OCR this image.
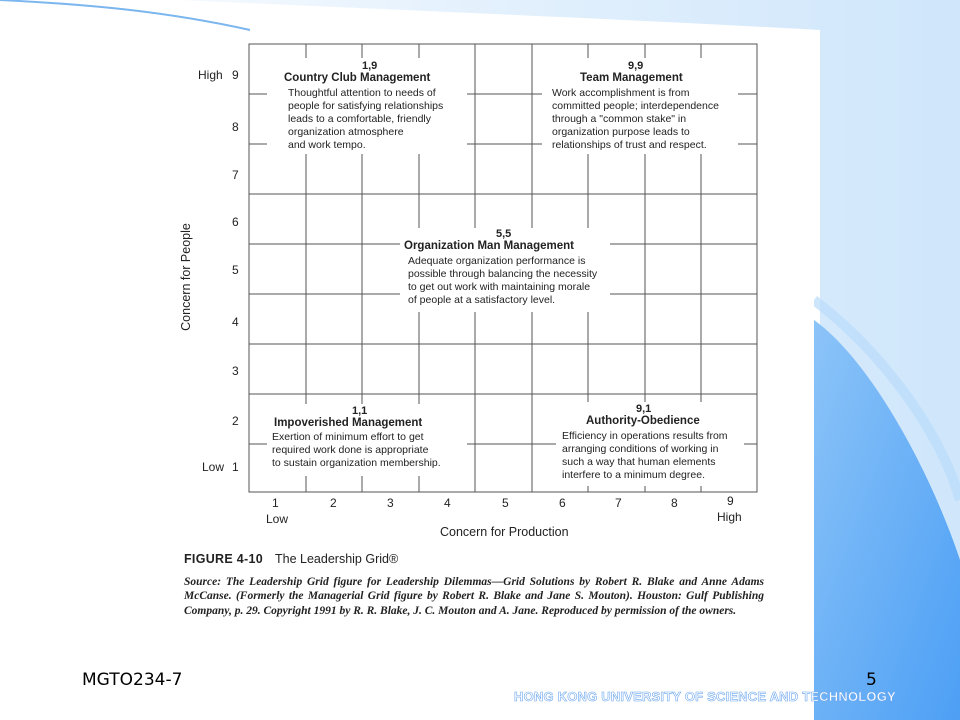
High 9
8
7
6
5
4
3
2
Low 1
Concern for People
1
Low
2	3	4	5	6	7	8	9
High
Concern for Production
1,9
Country Club Management
Thoughtful attention to needs of
people for satisfying relationships
leads to a comfortable, friendly
organization atmosphere
and work tempo.
9,9
Team Management
Work accomplishment is from
committed people; interdependence
through a "common stake" in
organization purpose leads to
relationships of trust and respect.
5,5
Organization Man Management
Adequate organization performance is
possible through balancing the necessity
to get out work with maintaining morale
of people at a satisfactory level.
1,1
Impoverished Management
Exertion of minimum effort to get
required work done is appropriate
to sustain organization membership.
9,1
Authority-Obedience
Efficiency in operations results from
arranging conditions of working in
such a way that human elements
interfere to a minimum degree.
FIGURE 4-10 The Leadership Grid®
Source: The Leadership Grid figure for Leadership Dilemmas—Grid Solutions by Robert R. Blake and Anne Adams McCanse. (Formerly the Managerial Grid figure by Robert R. Blake and Jane S. Mouton). Houston: Gulf Publishing Company, p. 29. Copyright 1991 by R. R. Blake, J. C. Mouton and A. Jane. Reproduced by permission of the owners.
MGTO234-7	5
HONG KONG UNIVERSITY OF SCIENCE AND TECHNOLOGY
